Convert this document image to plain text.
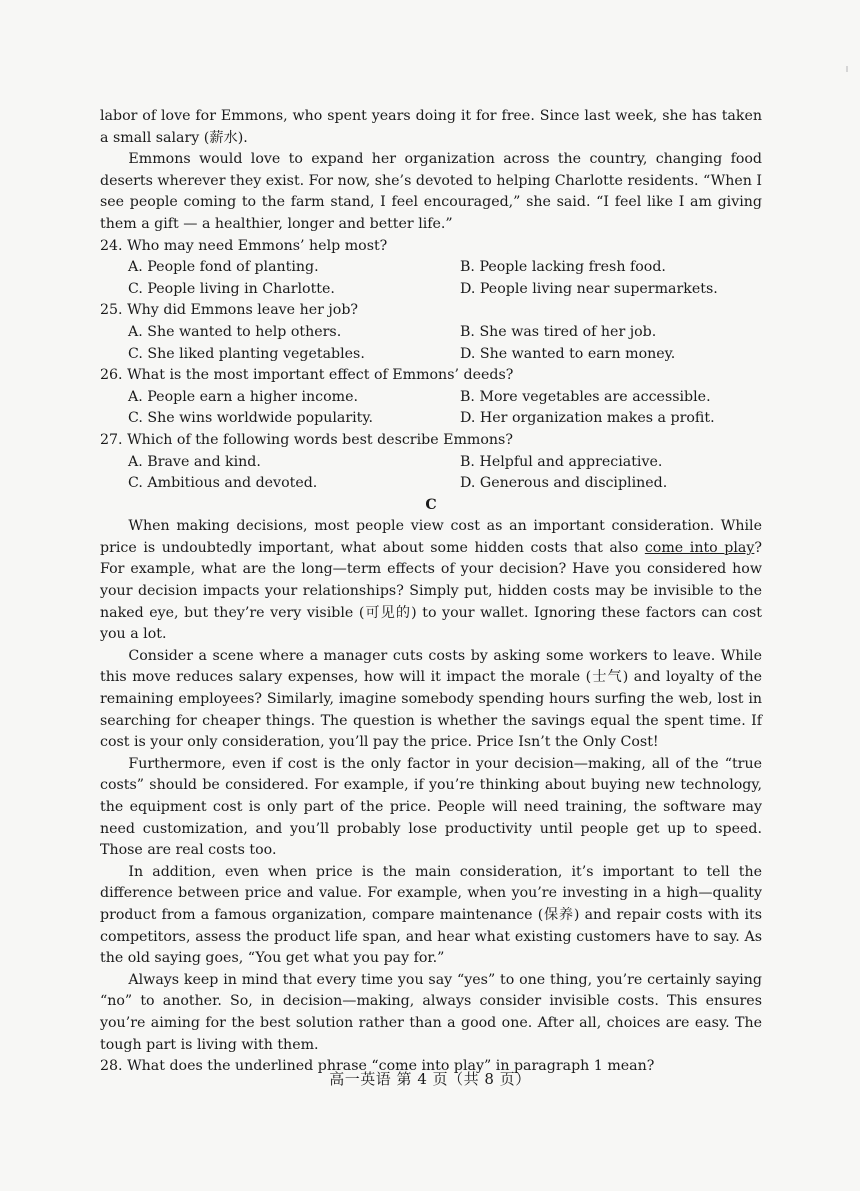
labor of love for Emmons, who spent years doing it for free. Since last week, she has taken a small salary (薪水).

Emmons would love to expand her organization across the country, changing food deserts wherever they exist. For now, she’s devoted to helping Charlotte residents. “When I see people coming to the farm stand, I feel encouraged,” she said. “I feel like I am giving them a gift — a healthier, longer and better life.”

24. Who may need Emmons’ help most?

A. People fond of planting.	B. People lacking fresh food.
C. People living in Charlotte.	D. People living near supermarkets.

25. Why did Emmons leave her job?

A. She wanted to help others.	B. She was tired of her job.
C. She liked planting vegetables.	D. She wanted to earn money.

26. What is the most important effect of Emmons’ deeds?

A. People earn a higher income.	B. More vegetables are accessible.
C. She wins worldwide popularity.	D. Her organization makes a profit.

27. Which of the following words best describe Emmons?

A. Brave and kind.	B. Helpful and appreciative.
C. Ambitious and devoted.	D. Generous and disciplined.

C

When making decisions, most people view cost as an important consideration. While price is undoubtedly important, what about some hidden costs that also come into play? For example, what are the long—term effects of your decision? Have you considered how your decision impacts your relationships? Simply put, hidden costs may be invisible to the naked eye, but they’re very visible (可见的) to your wallet. Ignoring these factors can cost you a lot.

Consider a scene where a manager cuts costs by asking some workers to leave. While this move reduces salary expenses, how will it impact the morale (士气) and loyalty of the remaining employees? Similarly, imagine somebody spending hours surfing the web, lost in searching for cheaper things. The question is whether the savings equal the spent time. If cost is your only consideration, you’ll pay the price. Price Isn’t the Only Cost!

Furthermore, even if cost is the only factor in your decision—making, all of the “true costs” should be considered. For example, if you’re thinking about buying new technology, the equipment cost is only part of the price. People will need training, the software may need customization, and you’ll probably lose productivity until people get up to speed. Those are real costs too.

In addition, even when price is the main consideration, it’s important to tell the difference between price and value. For example, when you’re investing in a high—quality product from a famous organization, compare maintenance (保养) and repair costs with its competitors, assess the product life span, and hear what existing customers have to say. As the old saying goes, “You get what you pay for.”

Always keep in mind that every time you say “yes” to one thing, you’re certainly saying “no” to another. So, in decision—making, always consider invisible costs. This ensures you’re aiming for the best solution rather than a good one. After all, choices are easy. The tough part is living with them.

28. What does the underlined phrase “come into play” in paragraph 1 mean?

高一英语 第 4 页（共 8 页）
